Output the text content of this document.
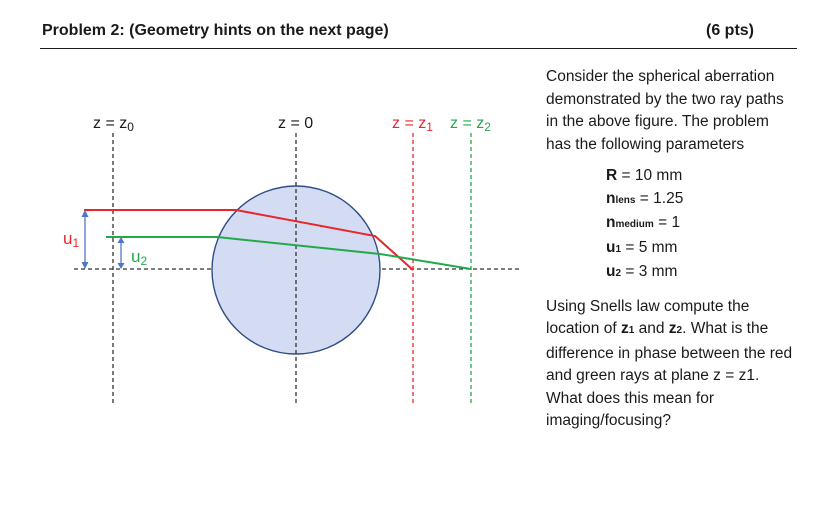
Problem 2: (Geometry hints on the next page)	(6 pts)
z = z0	z = 0	z = z1 z = z2
u1
u2

Consider the spherical aberration demonstrated by the two ray paths in the above figure. The problem has the following parameters

R = 10 mm
nlens = 1.25
nmedium = 1
u1 = 5 mm
u2 = 3 mm

Using Snells law compute the location of z1 and z2. What is the difference in phase between the red and green rays at plane z = z1. What does this mean for imaging/focusing?
